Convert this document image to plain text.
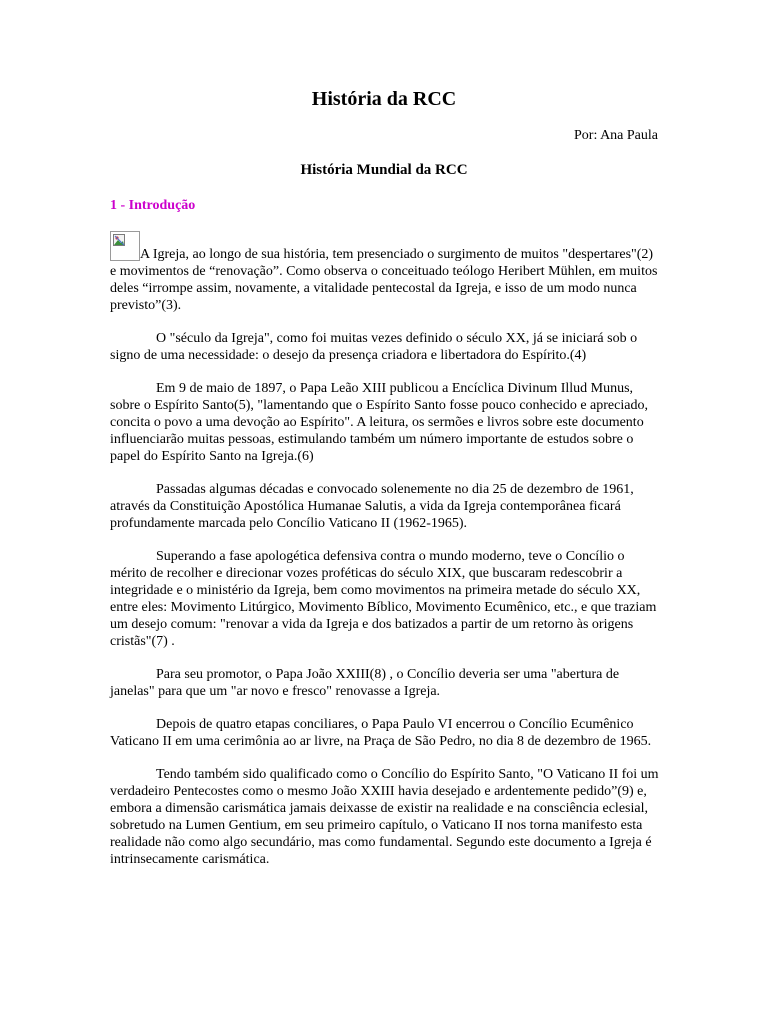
História da RCC

Por: Ana Paula

História Mundial da RCC
1 - Introdução

A Igreja, ao longo de sua história, tem presenciado o surgimento de muitos "despertares"(2) e movimentos de “renovação”. Como observa o conceituado teólogo Heribert Mühlen, em muitos deles “irrompe assim, novamente, a vitalidade pentecostal da Igreja, e isso de um modo nunca previsto”(3).

O "século da Igreja", como foi muitas vezes definido o século XX, já se iniciará sob o signo de uma necessidade: o desejo da presença criadora e libertadora do Espírito.(4)

Em 9 de maio de 1897, o Papa Leão XIII publicou a Encíclica Divinum Illud Munus, sobre o Espírito Santo(5), "lamentando que o Espírito Santo fosse pouco conhecido e apreciado, concita o povo a uma devoção ao Espírito". A leitura, os sermões e livros sobre este documento influenciarão muitas pessoas, estimulando também um número importante de estudos sobre o papel do Espírito Santo na Igreja.(6)

Passadas algumas décadas e convocado solenemente no dia 25 de dezembro de 1961, através da Constituição Apostólica Humanae Salutis, a vida da Igreja contemporânea ficará profundamente marcada pelo Concílio Vaticano II (1962-1965).

Superando a fase apologética defensiva contra o mundo moderno, teve o Concílio o mérito de recolher e direcionar vozes proféticas do século XIX, que buscaram redescobrir a integridade e o ministério da Igreja, bem como movimentos na primeira metade do século XX, entre eles: Movimento Litúrgico, Movimento Bíblico, Movimento Ecumênico, etc., e que traziam um desejo comum: "renovar a vida da Igreja e dos batizados a partir de um retorno às origens cristãs"(7) .

Para seu promotor, o Papa João XXIII(8) , o Concílio deveria ser uma "abertura de janelas" para que um "ar novo e fresco" renovasse a Igreja.

Depois de quatro etapas conciliares, o Papa Paulo VI encerrou o Concílio Ecumênico Vaticano II em uma cerimônia ao ar livre, na Praça de São Pedro, no dia 8 de dezembro de 1965.

Tendo também sido qualificado como o Concílio do Espírito Santo, "O Vaticano II foi um verdadeiro Pentecostes como o mesmo João XXIII havia desejado e ardentemente pedido”(9) e, embora a dimensão carismática jamais deixasse de existir na realidade e na consciência eclesial, sobretudo na Lumen Gentium, em seu primeiro capítulo, o Vaticano II nos torna manifesto esta realidade não como algo secundário, mas como fundamental. Segundo este documento a Igreja é intrinsecamente carismática.
